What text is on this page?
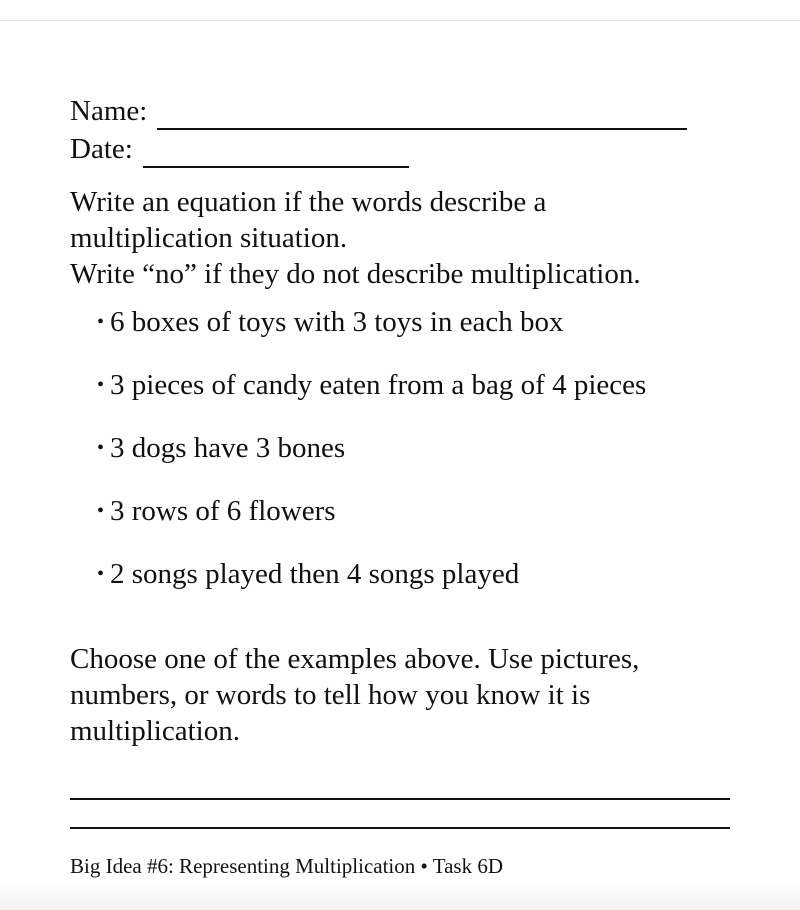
Name:
Date:

Write an equation if the words describe a

multiplication situation.

Write “no” if they do not describe multiplication.

• 6 boxes of toys with 3 toys in each box
• 3 pieces of candy eaten from a bag of 4 pieces
• 3 dogs have 3 bones
• 3 rows of 6 flowers
• 2 songs played then 4 songs played
Choose one of the examples above. Use pictures,
numbers, or words to tell how you know it is
multiplication.
Big Idea #6: Representing Multiplication • Task 6D
